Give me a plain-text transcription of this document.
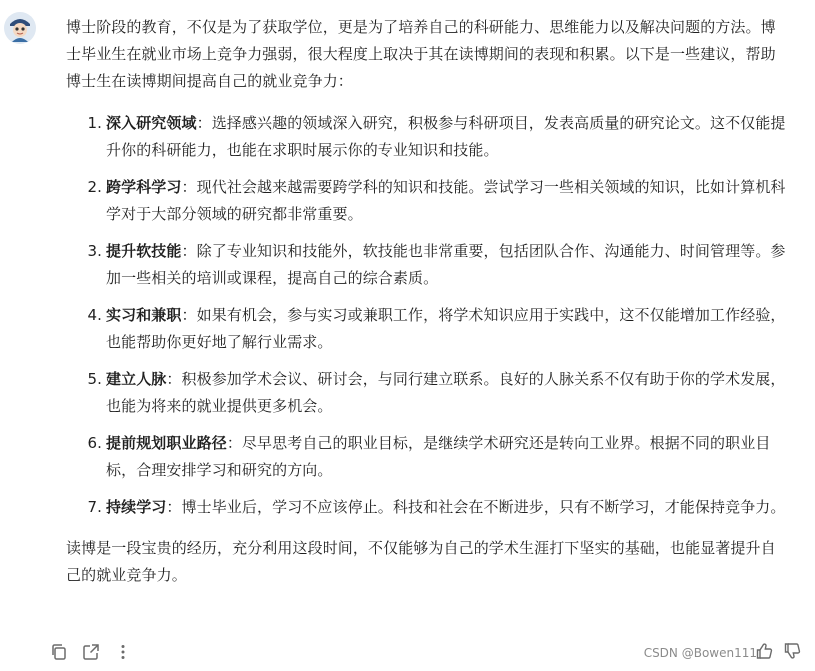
博士阶段的教育，不仅是为了获取学位，更是为了培养自己的科研能力、思维能力以及解决问题的方法。博士毕业生在就业市场上竞争力强弱，很大程度上取决于其在读博期间的表现和积累。以下是一些建议，帮助博士生在读博期间提高自己的就业竞争力：

1. 深入研究领域：选择感兴趣的领域深入研究，积极参与科研项目，发表高质量的研究论文。这不仅能提升你的科研能力，也能在求职时展示你的专业知识和技能。
2. 跨学科学习：现代社会越来越需要跨学科的知识和技能。尝试学习一些相关领域的知识，比如计算机科学对于大部分领域的研究都非常重要。
3. 提升软技能：除了专业知识和技能外，软技能也非常重要，包括团队合作、沟通能力、时间管理等。参加一些相关的培训或课程，提高自己的综合素质。
4. 实习和兼职：如果有机会，参与实习或兼职工作，将学术知识应用于实践中，这不仅能增加工作经验，也能帮助你更好地了解行业需求。
5. 建立人脉：积极参加学术会议、研讨会，与同行建立联系。良好的人脉关系不仅有助于你的学术发展，也能为将来的就业提供更多机会。
6. 提前规划职业路径：尽早思考自己的职业目标，是继续学术研究还是转向工业界。根据不同的职业目标，合理安排学习和研究的方向。
7. 持续学习：博士毕业后，学习不应该停止。科技和社会在不断进步，只有不断学习，才能保持竞争力。

读博是一段宝贵的经历，充分利用这段时间，不仅能够为自己的学术生涯打下坚实的基础，也能显著提升自己的就业竞争力。

CSDN @Bowen111
